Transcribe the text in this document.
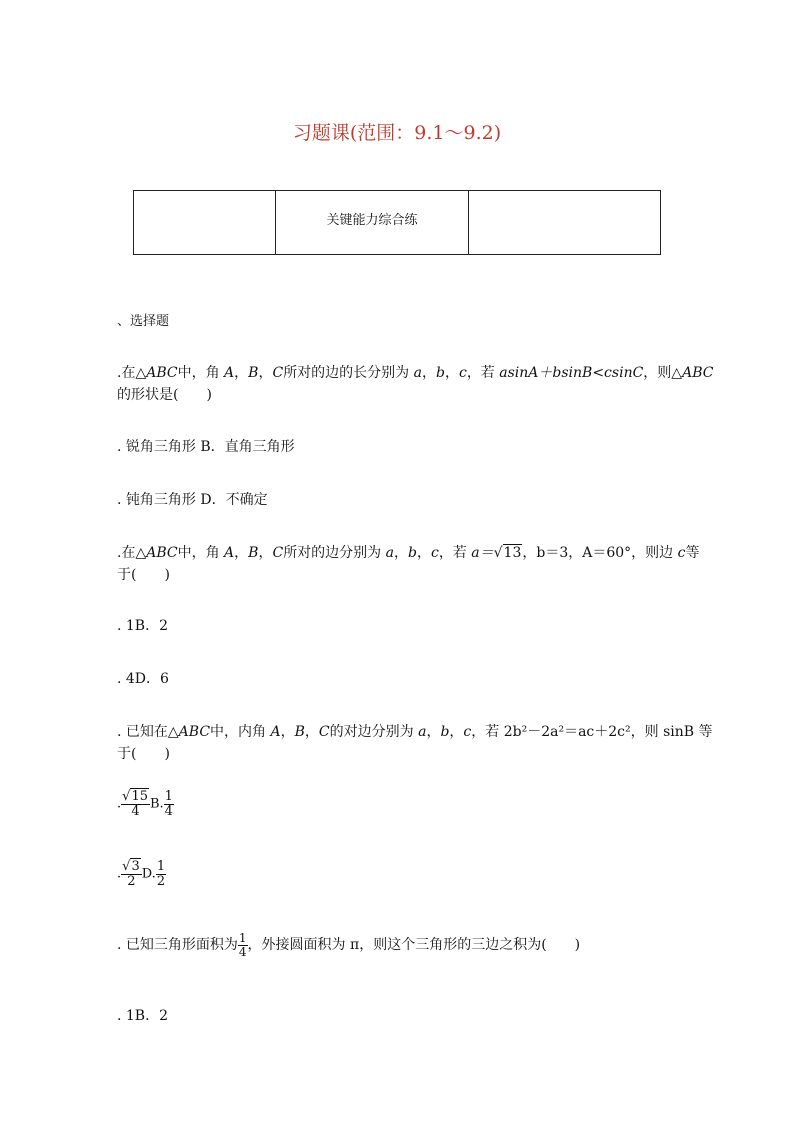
习题课(范围：9.1～9.2)
	关键能力综合练	
、选择题
.在△ABC中，角 A，B，C所对的边的长分别为 a，b，c，若 asinA＋bsinB<csinC，则△ABC
的形状是(　　)
. 锐角三角形 B．直角三角形
. 钝角三角形 D．不确定
.在△ABC中，角 A，B，C所对的边分别为 a，b，c，若 a＝√13，b＝3，A＝60°，则边 c等
于(　　)
. 1B．2
. 4D．6
. 已知在△ABC中，内角 A，B，C的对边分别为 a，b，c，若 2b²－2a²＝ac＋2c²，则 sinB 等
于(　　)
. $\frac{√15}{4} B$. $\frac{1}{4}$
. $\frac{√3}{2} D$. $\frac{1}{2}$
. 已知三角形面积为 $\frac{1}{4}$ ，外接圆面积为 π，则这个三角形的三边之积为(　　)
. 1B．2
